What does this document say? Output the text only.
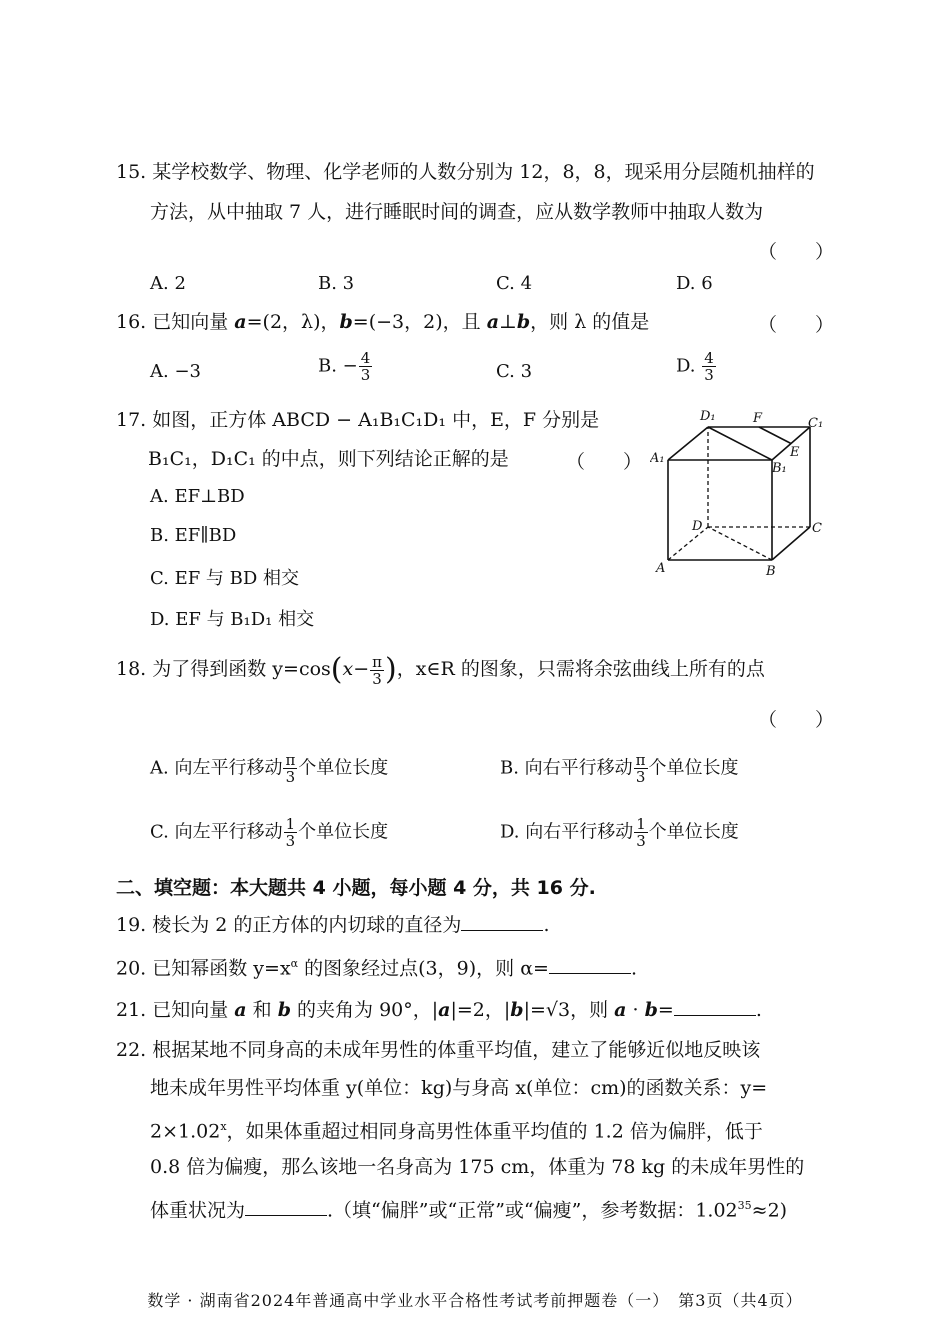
15. 某学校数学、物理、化学老师的人数分别为 12，8，8，现采用分层随机抽样的
方法，从中抽取 7 人，进行睡眠时间的调查，应从数学教师中抽取人数为
（　　）
A. 2	B. 3	C. 4	D. 6
16. 已知向量 a=(2，λ)，b=(−3，2)，且 a⊥b，则 λ 的值是	（　　）
A. −3	B. − $\frac{4}{3}$	C. 3	D. $\frac{4}{3}$
17. 如图，正方体 ABCD − A₁B₁C₁D₁ 中，E，F 分别是
B₁C₁，D₁C₁ 的中点，则下列结论正解的是	（　　）
A. EF⊥BD
B. EF∥BD
C. EF 与 BD 相交
D. EF 与 B₁D₁ 相交
D₁	F	C₁
A₁	E
B₁
D	C
A	B
18. 为了得到函数 $y=\cos(x- \frac{\pi}{3}$ )，x∈R 的图象，只需将余弦曲线上所有的点
（　　）
A. 向左平行移动 $\frac{\pi}{3}$ 个单位长度	B. 向右平行移动 $\frac{\pi}{3}$ 个单位长度
C. 向左平行移动 $\frac{1}{3}$ 个单位长度	D. 向右平行移动 $\frac{1}{3}$ 个单位长度
二、填空题：本大题共 4 小题，每小题 4 分，共 16 分.
19. 棱长为 2 的正方体的内切球的直径为	.
20. 已知幂函数 $y=x^\alpha$ 的图象经过点(3，9)，则 α=	.
21. 已知向量 a 和 b 的夹角为 90°，|a|=2，|b|=√3，则 a · b=	.
22. 根据某地不同身高的未成年男性的体重平均值，建立了能够近似地反映该
地未成年男性平均体重 y(单位：kg)与身高 x(单位：cm)的函数关系：y=
$2\times 1.02^x$，如果体重超过相同身高男性体重平均值的 1.2 倍为偏胖，低于
0.8 倍为偏瘦，那么该地一名身高为 175 cm，体重为 78 kg 的未成年男性的
体重状况为	.（填“偏胖”或“正常”或“偏瘦”，参考数据：$1.02^{35}\approx 2$)
数学 · 湖南省2024年普通高中学业水平合格性考试考前押题卷（一）　第3页（共4页）
